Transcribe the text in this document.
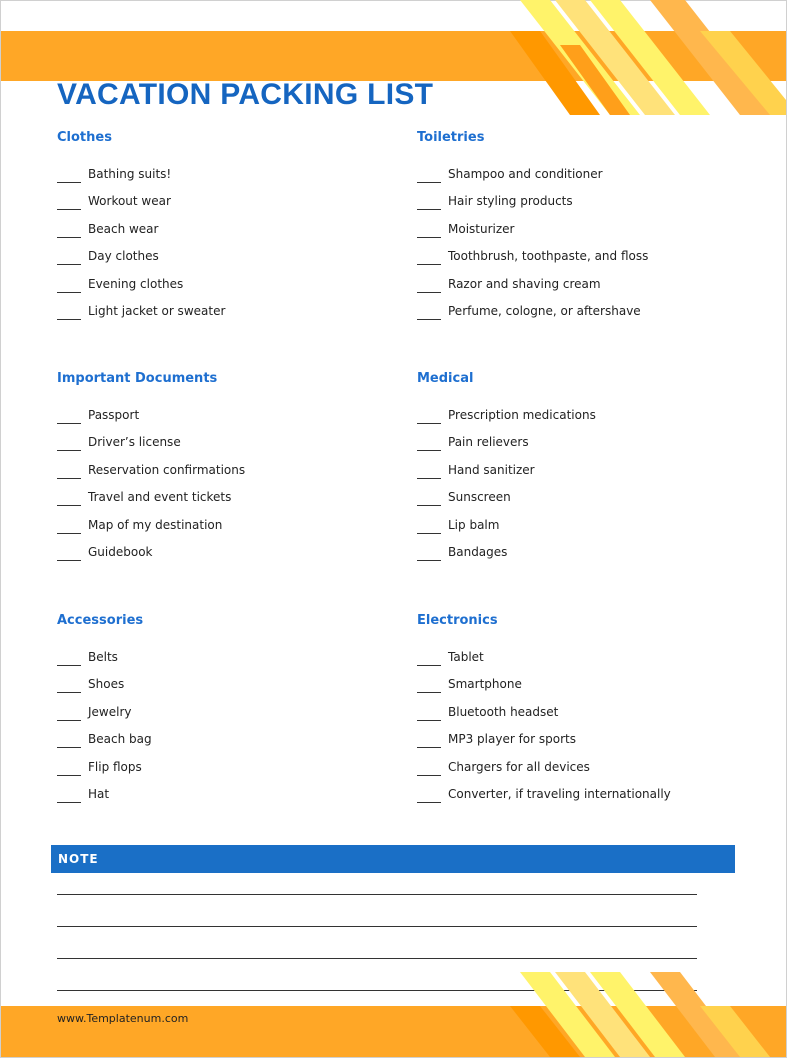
VACATION PACKING LIST
Clothes
Bathing suits!
Workout wear
Beach wear
Day clothes
Evening clothes
Light jacket or sweater
Toiletries
Shampoo and conditioner
Hair styling products
Moisturizer
Toothbrush, toothpaste, and floss
Razor and shaving cream
Perfume, cologne, or aftershave
Important Documents
Passport
Driver’s license
Reservation confirmations
Travel and event tickets
Map of my destination
Guidebook
Medical
Prescription medications
Pain relievers
Hand sanitizer
Sunscreen
Lip balm
Bandages
Accessories
Belts
Shoes
Jewelry
Beach bag
Flip flops
Hat
Electronics
Tablet
Smartphone
Bluetooth headset
MP3 player for sports
Chargers for all devices
Converter, if traveling internationally
NOTE
www.Templatenum.com
